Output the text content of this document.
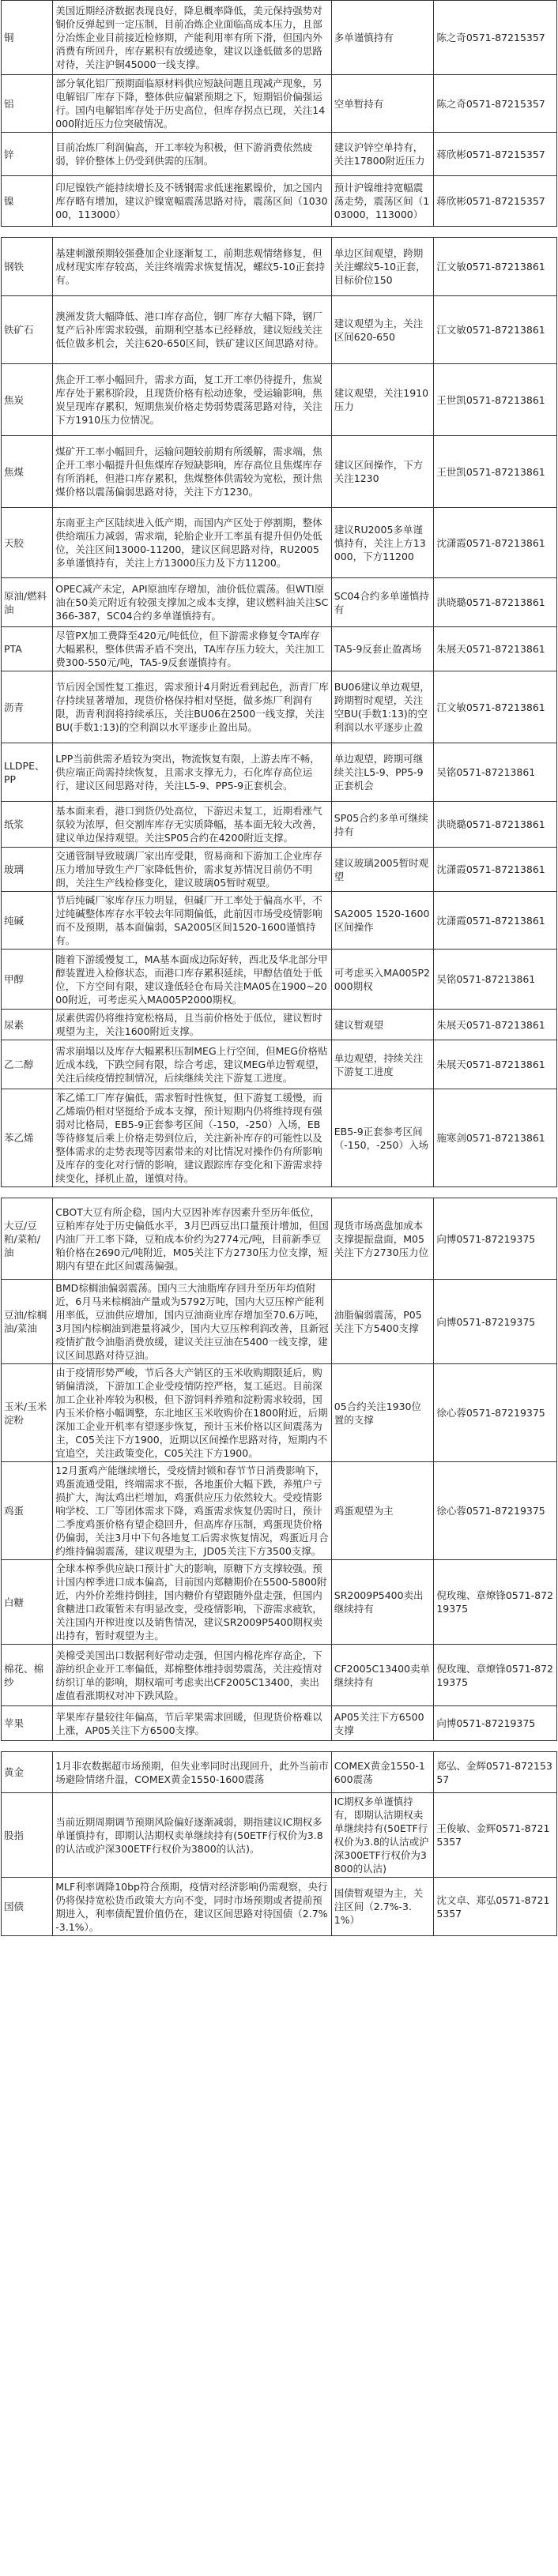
铜	美国近期经济数据表现良好，降息概率降低，美元保持强势对铜价反弹起到一定压制，目前冶炼企业面临高成本压力，且部分冶炼企业目前接近检修期，产能利用率有所下滑，但国内外消费有所回升，库存累积有放缓迹象，建议以逢低做多的思路对待，关注沪铜45000一线支撑。	多单谨慎持有	陈之奇0571-87215357
铝	部分氧化铝厂预期面临原材料供应短缺问题且现减产现象，另电解铝厂库存下降，整体供应偏紧预期之下，短期铝价偏强运行。国内电解铝库存处于历史高位，但库存拐点已现，关注14000附近压力位突破情况。	空单暂持有	陈之奇0571-87215357
锌	目前冶炼厂利润偏高，开工率较为积极，但下游消费依然疲弱，锌价整体上仍受到供需的压制。	建议沪锌空单持有，关注17800附近压力	蒋欣彬0571-87215357
镍	印尼镍铁产能持续增长及不锈钢需求低迷拖累镍价，加之国内库存略有增加，建议沪镍宽幅震荡思路对待，震荡区间（103000，113000）	预计沪镍维持宽幅震荡走势，震荡区间（103000，113000）	蒋欣彬0571-87215357

钢铁	基建刺激预期较强叠加企业逐渐复工，前期悲观情绪修复，但成材现实库存较高，关注终端需求恢复情况，螺纹5-10正套持有。	单边区间观望，跨期关注螺纹5-10正套，目标价位150	江文敏0571-87213861
铁矿石	澳洲发货大幅降低、港口库存高位，钢厂库存大幅下降，钢厂复产后补库需求较强，前期利空基本已经释放，建议短线关注低位做多机会，关注620-650区间，铁矿建议区间思路对待。	建议观望为主，关注区间620-650	江文敏0571-87213861
焦炭	焦企开工率小幅回升，需求方面，复工开工率仍待提升，焦炭库存处于累积阶段，且现货价格有松动迹象，受运输影响，焦炭呈现库存累积，短期焦炭价格走势弱势震荡思路对待，关注下方1910压力位情况。	建议观望，关注1910压力	王世凯0571-87213861
焦煤	煤矿开工率小幅回升，运输问题较前期有所缓解，需求端，焦企开工率小幅提升但焦煤库存短缺影响，库存高位且焦煤库存有所消耗，但港口库存累积，焦煤整体供需较为宽松，预计焦煤价格以震荡偏弱思路对待，关注下方1230。	建议区间操作，下方关注1230	王世凯0571-87213861
天胶	东南亚主产区陆续进入低产期，而国内产区处于停割期，整体供给端压力减弱，需求端，轮胎企业开工率虽有提升但仍处低位，关注区间13000-11200，建议区间思路对待，RU2005多单谨慎持有，关注上方13000压力及下方11200。	建议RU2005多单谨慎持有，关注上方13000，下方11200	沈潇霞0571-87213861
原油/燃料油	OPEC减产未定，API原油库存增加，油价低位震荡。但WTI原油在50美元附近有较强支撑加之成本支撑，建议燃料油关注SC366-387，SC04合约多单谨慎持有。	SC04合约多单谨慎持有	洪晓璐0571-87213861
PTA	尽管PX加工费降至420元/吨低位，但下游需求修复令TA库存大幅累积，整体供需矛盾不突出，TA库存压力较大，关注加工费300-550元/吨，TA5-9反套谨慎持有。	TA5-9反套止盈离场	朱展天0571-87213861
沥青	节后因全国性复工推迟，需求预计4月附近看到起色，沥青厂库存持续显著增加，现货价格保持相对坚挺，做多炼厂利润有限，沥青利润将持续承压，关注BU06在2500一线支撑，关注BU(手数1:13)的空利润以水平逐步止盈出局。	BU06建议单边观望，跨期暂时观望，关注空BU(手数1:13)的空利润以水平逐步止盈	江文敏0571-87213861
LLDPE、PP	LPP当前供需矛盾较为突出，物流恢复有限，上游去库不畅，供应端正尚需持续恢复，且需求支撑无力，石化库存高位运行，建议区间思路对待，关注L5-9、PP5-9正套机会。	单边观望，跨期可继续关注L5-9、PP5-9正套机会	吴铭0571-87213861
纸浆	基本面来看，港口到货仍处高位，下游迟未复工，近期看涨气氛较为浓厚，但交割库库存无实质降幅，基本面无较大改善，建议单边保持观望。关注SP05合约在4200附近支撑。	SP05合约多单可继续持有	洪晓璐0571-87213861
玻璃	交通管制导致玻璃厂家出库受限，贸易商和下游加工企业库存压力增加导致生产厂家降低售价，需求复苏情况目前仍不明朗，关注生产线检修变化，建议玻璃05暂时观望。	建议玻璃2005暂时观望	沈潇霞0571-87213861
纯碱	节后纯碱厂家库存压力明显，但碱厂开工率处于偏高水平，不过纯碱整体库存水平较去年同期偏低，此前因市场受疫情影响而不及预期，基本面偏弱，SA2005区间1520-1600谨慎持有。	SA2005 1520-1600区间操作	沈潇霞0571-87213861
甲醇	随着下游缓慢复工，MA基本面成边际好转，西北及华北部分甲醇装置进入检修状态，而港口库存累积延续，甲醇估值处于低位，下方空间有限，建议逢低轻仓布局关注MA05在1900~2000附近，可考虑买入MA005P2000期权。	可考虑买入MA005P2000期权	吴铭0571-87213861
尿素	尿素供需仍将维持宽松格局，且当前价格处于低位，建议暂时观望为主，关注1600附近支撑。	建议暂观望	朱展天0571-87213861
乙二醇	需求崩塌以及库存大幅累积压制MEG上行空间，但MEG价格贴近成本线，下跌空间有限，综合考虑，建议MEG单边暂观望，关注后续疫情控制情况，后续继续关注下游复工进度。	单边观望，持续关注下游复工进度	朱展天0571-87213861
苯乙烯	苯乙烯工厂库存偏低，需求暂时性恢复，但下游复工缓慢，而乙烯端仍相对坚挺给予成本支撑，预计短期内仍将维持现有强弱对比格局，EB5-9正套参考区间（-150，-250）入场，EB等待修复后乘上价格走势到位后，关注新补库存的可能性以及整体需求的走势表现等因素带来的对比情况对操作仍有所影响及库存的变化对行情的影响，建议跟踪库存变化和下游需求持续变化，择机止盈，谨慎对待。	EB5-9正套参考区间（-150，-250）入场	施寒剑0571-87213861

大豆/豆粕/菜粕/油	CBOT大豆有所企稳，国内大豆因补库存因素升至历年低位，豆粕库存处于历史偏低水平，3月巴西豆出口量预计增加，但国内油厂开工率下降，豆粕成本价约为2774元/吨，目前新季豆粕价格在2690元/吨附近，M05关注下方2730压力位支撑，短期内有望在此区间震荡偏强。	现货市场高盘加成本支撑提振盘面，M05关注下方2730压力位	向博0571-87219375
豆油/棕榈油/菜油	BMD棕榈油偏弱震荡。国内三大油脂库存回升至历年均值附近，6月马来棕榈油产量或为5792万吨，国内大豆压榨产能利用率低，豆油供应增加，国内豆油商业库存增加至70.6万吨，3月国内棕榈油到港量将减少，国内大豆压榨利润改善，且新冠疫情扩散令油脂消费放缓，建议关注豆油在5400一线支撑，建议区间思路对待豆油。	油脂偏弱震荡，P05关注下方5400支撑	向博0571-87219375
玉米/玉米淀粉	由于疫情形势严峻，节后各大产销区的玉米收购期限延后，购销偏清淡，下游加工企业受疫情防控严格，复工延迟。目前深加工企业补库较为积极，但下游饲料养殖和淀粉需求较弱，国内玉米价格小幅调整，东北地区玉米收购价在1800附近，后期深加工企业开机率有望逐步恢复，预计玉米价格以区间震荡为主，C05关注下方1900，近期以区间操作思路对待，短期内不宜追空，关注政策变化，C05关注下方1900。	05合约关注1930位置的支撑	徐心蓉0571-87219375
鸡蛋	12月蛋鸡产能继续增长，受疫情封锁和春节节日消费影响下，鸡蛋流通受阻，终端需求不振，各地蛋价大幅下跌，养殖户亏损扩大，淘汰鸡出栏增加，鸡蛋供应压力依然较大。受疫情影响学校、工厂等团体需求下降，鸡蛋需求恢复仍需时日，预计二季度鸡蛋价格有望企稳回升，但高库存压制，鸡蛋现货价格仍偏弱，关注3月中下旬各地复工后需求恢复情况，鸡蛋近月合约维持偏弱震荡，建议观望为主，JD05关注下方3500支撑。	鸡蛋观望为主	徐心蓉0571-87219375
白糖	全球本榨季供应缺口预计扩大的影响，原糖下方支撑较强。预计国内榨季进口成本偏高，目前国内郑糖期价在5500-5800附近，内外价差维持倒挂，国内糖价有望跟随外盘走强，但国内食糖进口政策暂未有明显改变，受疫情影响，下游需求疲软，关注国内开榨进度以及销售情况，建议SR2009P5400期权卖出持有，暂时观望为主。	SR2009P5400卖出继续持有	倪玫瑰、章燎锋0571-87219375
棉花、棉纱	美棉受美国出口数据利好带动走强，但国内棉花库存高企，下游纺织企业开工率偏低，郑棉整体维持弱势震荡，关注疫情对纺织订单的影响，期权端可考虑卖出CF2005C13400，卖出虚值看涨期权对冲下跌风险。	CF2005C13400卖单继续持有	倪玫瑰、章燎锋0571-87219375
苹果	苹果库存量较往年偏高，节后苹果需求回暖，但现货价格难以上涨，AP05关注下方6500支撑。	AP05关注下方6500支撑	向博0571-87219375

黄金	1月非农数据超市场预期，但失业率同时出现回升，此外当前市场避险情绪升温，COMEX黄金1550-1600震荡	COMEX黄金1550-1600震荡	郑弘、金辉0571-87215357
股指	当前近期周期调节预期风险偏好逐渐减弱，期指建议IC期权多单谨慎持有，即期认沽期权卖单继续持有(50ETF行权价为3.8的认沽或沪深300ETF行权价为3800的认沽)。	IC期权多单谨慎持有，即期认沽期权卖单继续持有(50ETF行权价为3.8的认沽或沪深300ETF行权价为3800的认沽)	王俊敏、金辉0571-87215357
国债	MLF利率调降10bp符合预期，疫情对经济影响仍需观察，央行仍将保持宽松货币政策大方向不变，同时市场预期或者提前预期进入，利率债配置价值仍在，建议区间思路对待国债（2.7%-3.1%）。	国债暂观望为主，关注区间（2.7%-3.1%）	沈文卓、郑弘0571-87215357
